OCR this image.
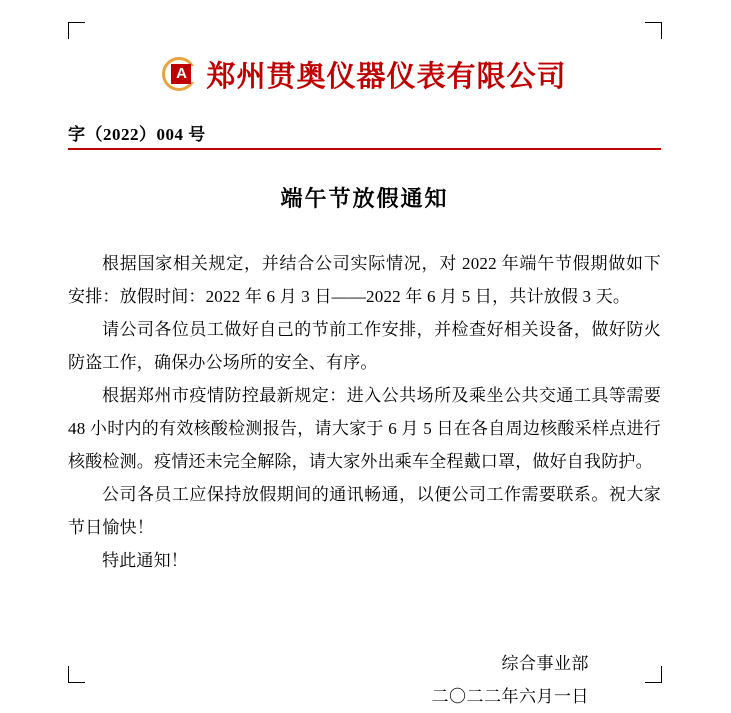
A 郑州贯奥仪器仪表有限公司
字（2022）004 号
端午节放假通知

根据国家相关规定，并结合公司实际情况，对 2022 年端午节假期做如下安排：放假时间：2022 年 6 月 3 日——2022 年 6 月 5 日，共计放假 3 天。

请公司各位员工做好自己的节前工作安排，并检查好相关设备，做好防火防盗工作，确保办公场所的安全、有序。

根据郑州市疫情防控最新规定：进入公共场所及乘坐公共交通工具等需要 48 小时内的有效核酸检测报告，请大家于 6 月 5 日在各自周边核酸采样点进行核酸检测。疫情还未完全解除，请大家外出乘车全程戴口罩，做好自我防护。

公司各员工应保持放假期间的通讯畅通，以便公司工作需要联系。祝大家节日愉快！

特此通知！

综合事业部
二〇二二年六月一日
